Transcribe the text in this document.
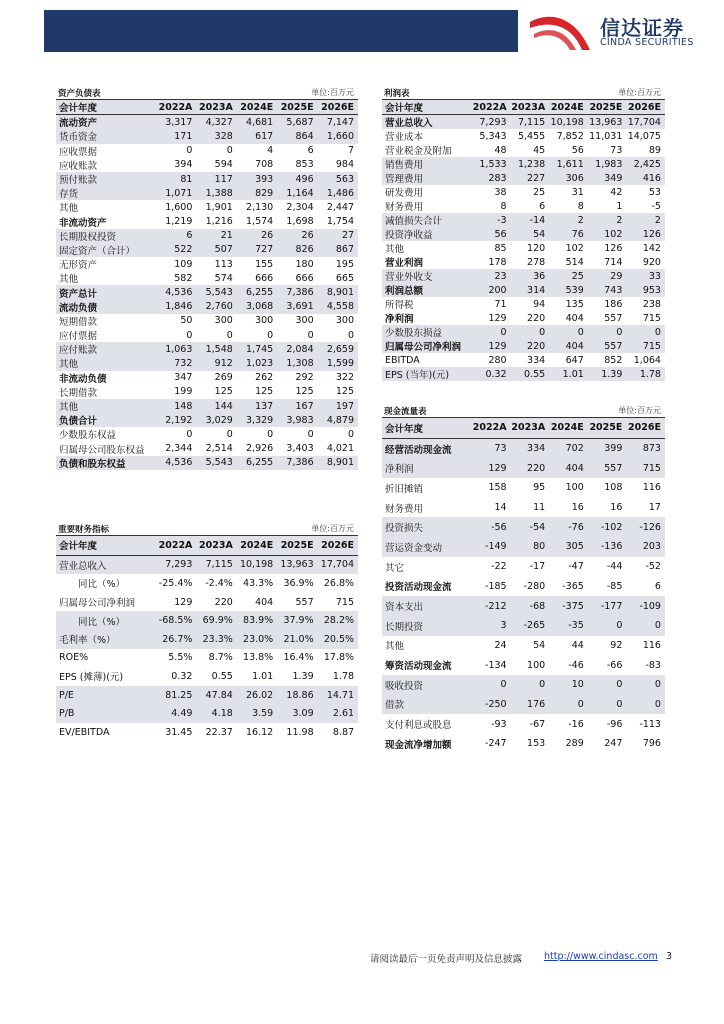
信达证券
CINDA SECURITIES
资产负债表	单位:百万元
会计年度	2022A 2023A 2024E 2025E 2026E
流动资产	3,317	4,327	4,681	5,687	7,147
货币资金	171	328	617	864	1,660
应收票据	0	0	4	6	7
应收账款	394	594	708	853	984
预付账款	81	117	393	496	563
存货	1,071	1,388	829	1,164	1,486
其他	1,600	1,901	2,130	2,304	2,447
非流动资产	1,219	1,216	1,574	1,698	1,754
长期股权投资	6	21	26	26	27
固定资产（合计）	522	507	727	826	867
无形资产	109	113	155	180	195
其他	582	574	666	666	665
资产总计	4,536	5,543	6,255	7,386	8,901
流动负债	1,846	2,760	3,068	3,691	4,558
短期借款	50	300	300	300	300
应付票据	0	0	0	0	0
应付账款	1,063	1,548	1,745	2,084	2,659
其他	732	912	1,023	1,308	1,599
非流动负债	347	269	262	292	322
长期借款	199	125	125	125	125
其他	148	144	137	167	197
负债合计	2,192	3,029	3,329	3,983	4,879
少数股东权益	0	0	0	0	0
归属母公司股东权益	2,344	2,514	2,926	3,403	4,021
负债和股东权益	4,536	5,543	6,255	7,386	8,901
利润表	单位:百万元
会计年度	2022A 2023A 2024E 2025E 2026E
营业总收入	7,293	7,115 10,198 13,963 17,704
营业成本	5,343	5,455	7,852 11,031 14,075
营业税金及附加	48	45	56	73	89
销售费用	1,533	1,238	1,611	1,983	2,425
管理费用	283	227	306	349	416
研发费用	38	25	31	42	53
财务费用	8	6	8	1	-5
减值损失合计	-3	-14	2	2	2
投资净收益	56	54	76	102	126
其他	85	120	102	126	142
营业利润	178	278	514	714	920
营业外收支	23	36	25	29	33
利润总额	200	314	539	743	953
所得税	71	94	135	186	238
净利润	129	220	404	557	715
少数股东损益	0	0	0	0	0
归属母公司净利润	129	220	404	557	715
EBITDA	280	334	647	852	1,064
EPS (当年)(元)	0.32	0.55	1.01	1.39	1.78
重要财务指标	单位:百万元
会计年度	2022A 2023A 2024E 2025E 2026E
营业总收入	7,293	7,115 10,198 13,963 17,704
同比（%）	-25.4%	-2.4%	43.3%	36.9%	26.8%
归属母公司净利润	129	220	404	557	715
同比（%）	-68.5%	69.9%	83.9%	37.9%	28.2%
毛利率（%）	26.7%	23.3%	23.0%	21.0%	20.5%
ROE%	5.5%	8.7%	13.8%	16.4%	17.8%
EPS (摊薄)(元)	0.32	0.55	1.01	1.39	1.78
P/E	81.25	47.84	26.02	18.86	14.71
P/B	4.49	4.18	3.59	3.09	2.61
EV/EBITDA	31.45	22.37	16.12	11.98	8.87
现金流量表	单位:百万元
会计年度	2022A 2023A 2024E 2025E 2026E
经营活动现金流	73	334	702	399	873
净利润	129	220	404	557	715
折旧摊销	158	95	100	108	116
财务费用	14	11	16	16	17
投资损失	-56	-54	-76	-102	-126
营运资金变动	-149	80	305	-136	203
其它	-22	-17	-47	-44	-52
投资活动现金流	-185	-280	-365	-85	6
资本支出	-212	-68	-375	-177	-109
长期投资	3	-265	-35	0	0
其他	24	54	44	92	116
筹资活动现金流	-134	100	-46	-66	-83
吸收投资	0	0	10	0	0
借款	-250	176	0	0	0
支付利息或股息	-93	-67	-16	-96	-113
现金流净增加额	-247	153	289	247	796
请阅读最后一页免责声明及信息披露 http://www.cindasc.com 3
